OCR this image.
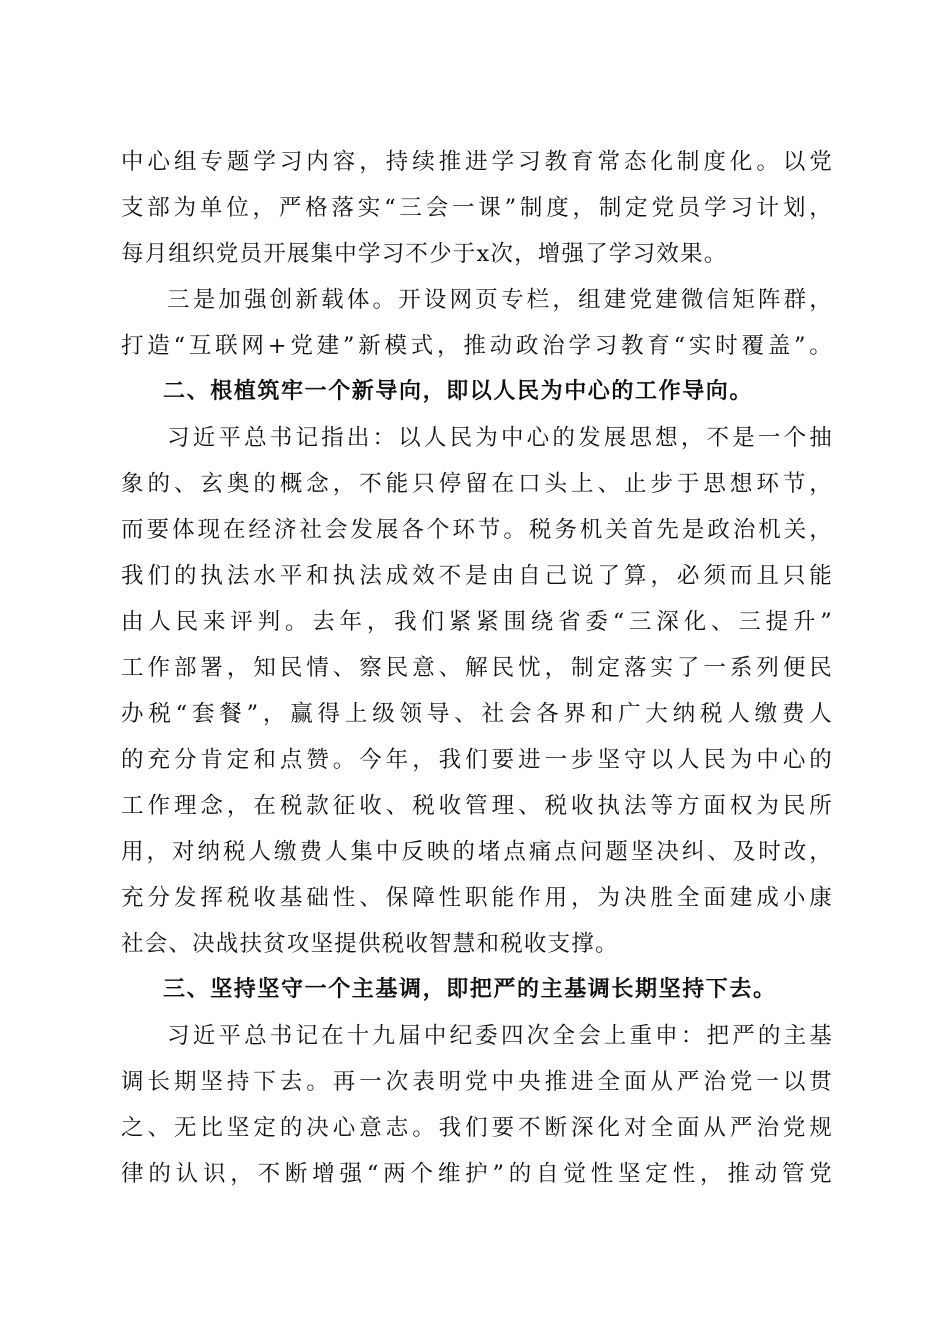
中心组专题学习内容，持续推进学习教育常态化制度化。以党
支部为单位，严格落实“三会一课”制度，制定党员学习计划，
每月组织党员开展集中学习不少于x次，增强了学习效果。
三是加强创新载体。开设网页专栏，组建党建微信矩阵群，
打造“互联网+党建”新模式，推动政治学习教育“实时覆盖”。
二、根植筑牢一个新导向，即以人民为中心的工作导向。
习近平总书记指出：以人民为中心的发展思想，不是一个抽
象的、玄奥的概念，不能只停留在口头上、止步于思想环节，
而要体现在经济社会发展各个环节。税务机关首先是政治机关，
我们的执法水平和执法成效不是由自己说了算，必须而且只能
由人民来评判。去年，我们紧紧围绕省委“三深化、三提升”
工作部署，知民情、察民意、解民忧，制定落实了一系列便民
办税“套餐”，赢得上级领导、社会各界和广大纳税人缴费人
的充分肯定和点赞。今年，我们要进一步坚守以人民为中心的
工作理念，在税款征收、税收管理、税收执法等方面权为民所
用，对纳税人缴费人集中反映的堵点痛点问题坚决纠、及时改，
充分发挥税收基础性、保障性职能作用，为决胜全面建成小康
社会、决战扶贫攻坚提供税收智慧和税收支撑。
三、坚持坚守一个主基调，即把严的主基调长期坚持下去。
习近平总书记在十九届中纪委四次全会上重申：把严的主基
调长期坚持下去。再一次表明党中央推进全面从严治党一以贯
之、无比坚定的决心意志。我们要不断深化对全面从严治党规
律的认识，不断增强“两个维护”的自觉性坚定性，推动管党
